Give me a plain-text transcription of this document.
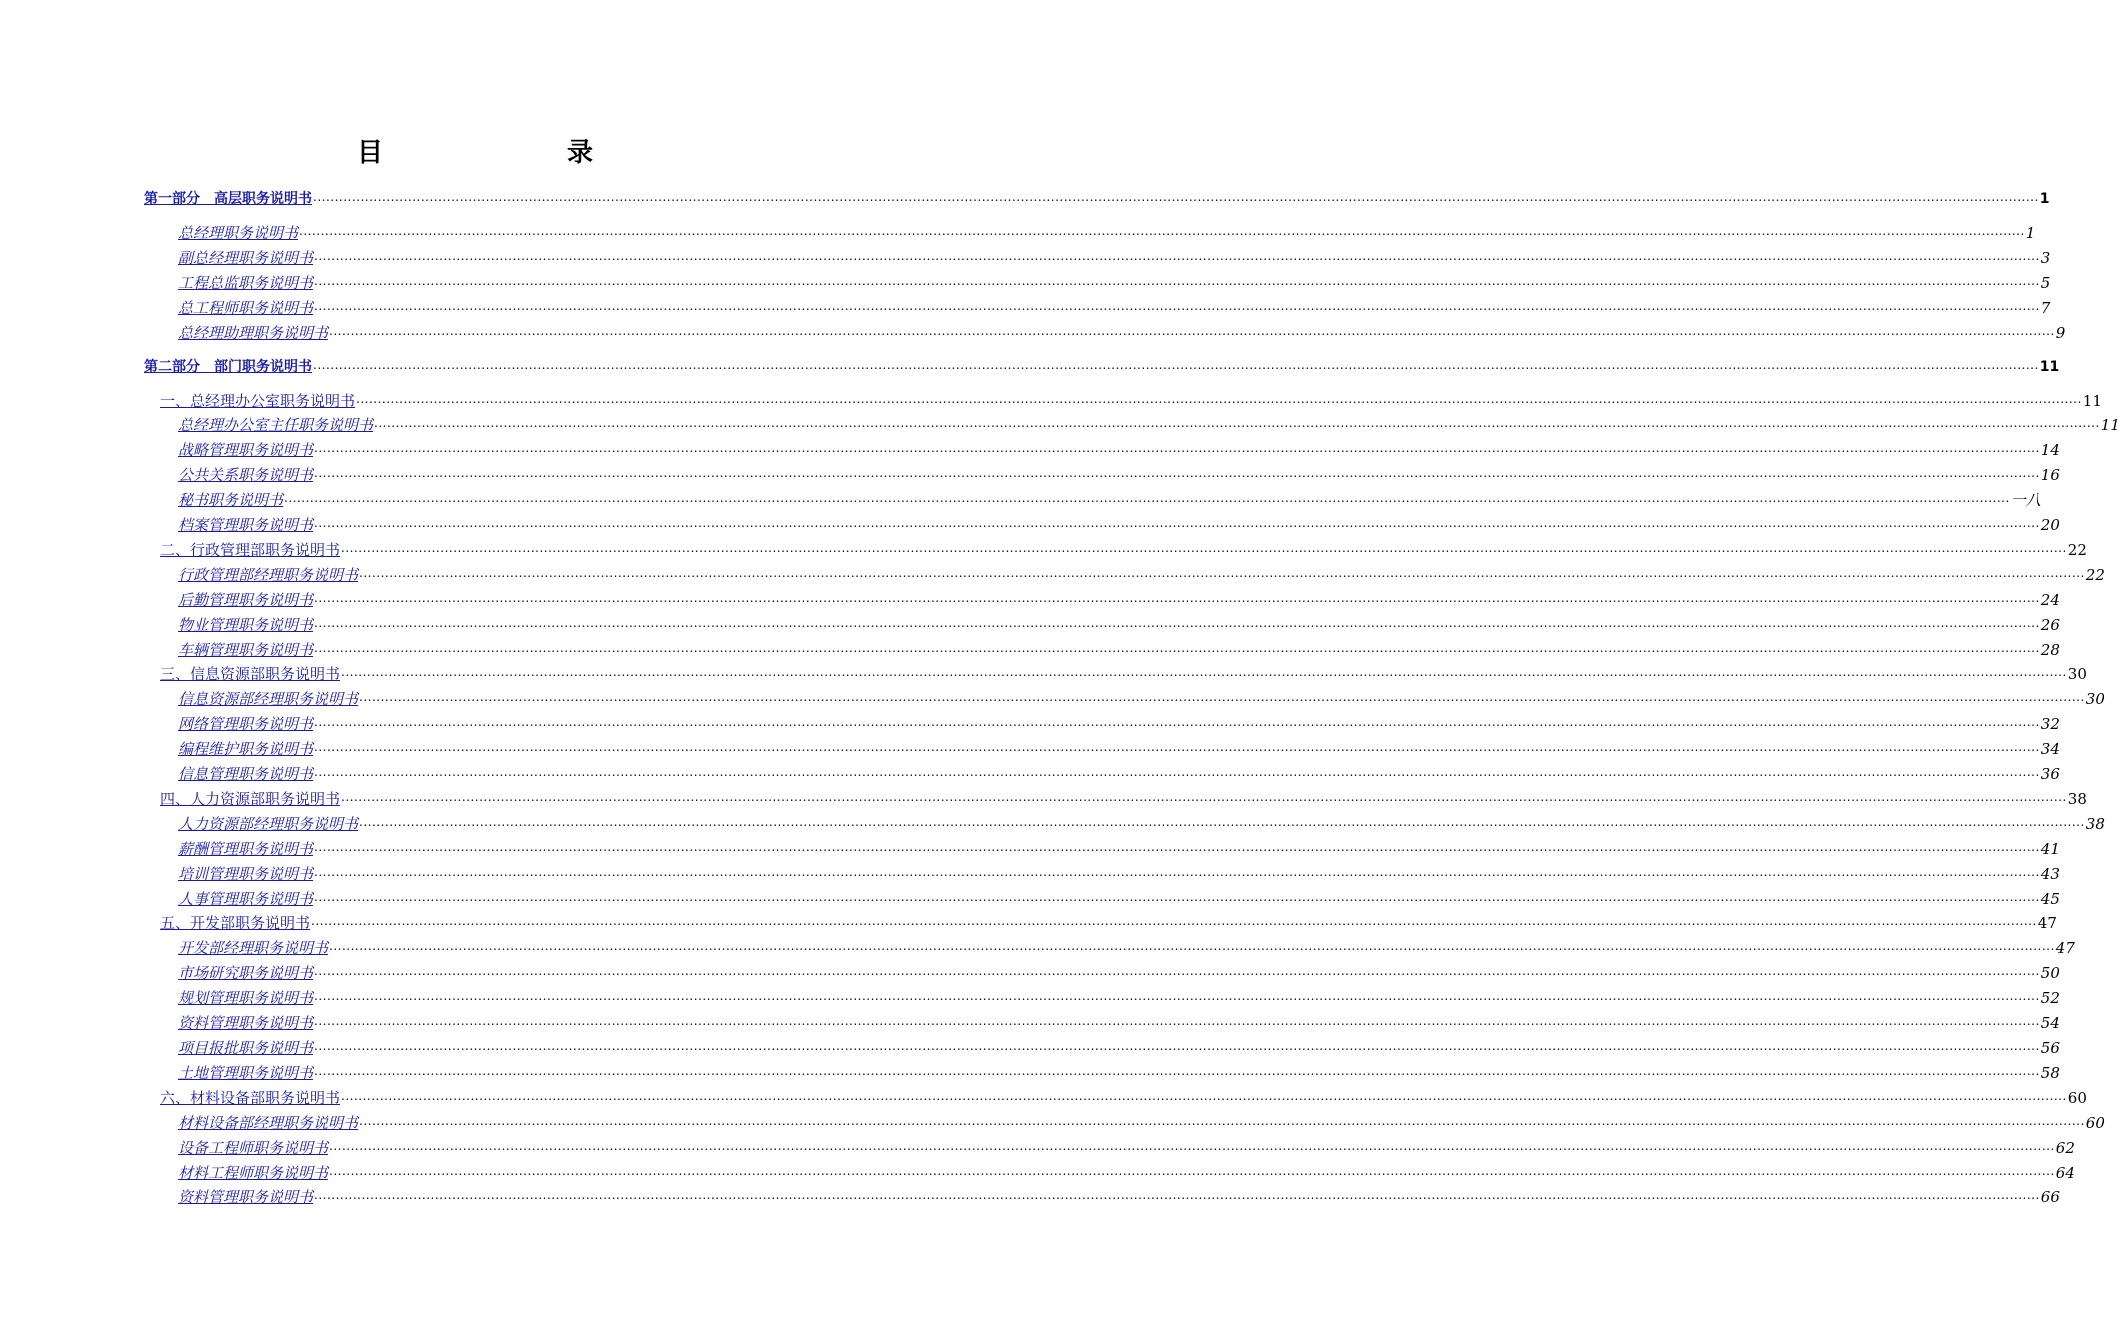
目　　录
第一部分　高层职务说明书 ................................................................................................................................................................................................................................................................................................................................................................................................................ 1
总经理职务说明书 ................................................................................................................................................................................................................................................................................................................................................................................................................ 1
副总经理职务说明书 ................................................................................................................................................................................................................................................................................................................................................................................................................ 3
工程总监职务说明书 ................................................................................................................................................................................................................................................................................................................................................................................................................ 5
总工程师职务说明书 ................................................................................................................................................................................................................................................................................................................................................................................................................ 7
总经理助理职务说明书 ................................................................................................................................................................................................................................................................................................................................................................................................................ 9
第二部分　部门职务说明书 ................................................................................................................................................................................................................................................................................................................................................................................................................ 11
一、总经理办公室职务说明书 ................................................................................................................................................................................................................................................................................................................................................................................................................ 11
总经理办公室主任职务说明书 ................................................................................................................................................................................................................................................................................................................................................................................................................ 11
战略管理职务说明书 ................................................................................................................................................................................................................................................................................................................................................................................................................ 14
公共关系职务说明书 ................................................................................................................................................................................................................................................................................................................................................................................................................ 16
秘书职务说明书 ................................................................................................................................................................................................................................................................................................................................................................................................................ 一八
档案管理职务说明书 ................................................................................................................................................................................................................................................................................................................................................................................................................ 20
二、行政管理部职务说明书 ................................................................................................................................................................................................................................................................................................................................................................................................................ 22
行政管理部经理职务说明书 ................................................................................................................................................................................................................................................................................................................................................................................................................ 22
后勤管理职务说明书 ................................................................................................................................................................................................................................................................................................................................................................................................................ 24
物业管理职务说明书 ................................................................................................................................................................................................................................................................................................................................................................................................................ 26
车辆管理职务说明书 ................................................................................................................................................................................................................................................................................................................................................................................................................ 28
三、信息资源部职务说明书 ................................................................................................................................................................................................................................................................................................................................................................................................................ 30
信息资源部经理职务说明书 ................................................................................................................................................................................................................................................................................................................................................................................................................ 30
网络管理职务说明书 ................................................................................................................................................................................................................................................................................................................................................................................................................ 32
编程维护职务说明书 ................................................................................................................................................................................................................................................................................................................................................................................................................ 34
信息管理职务说明书 ................................................................................................................................................................................................................................................................................................................................................................................................................ 36
四、人力资源部职务说明书 ................................................................................................................................................................................................................................................................................................................................................................................................................ 38
人力资源部经理职务说明书 ................................................................................................................................................................................................................................................................................................................................................................................................................ 38
薪酬管理职务说明书 ................................................................................................................................................................................................................................................................................................................................................................................................................ 41
培训管理职务说明书 ................................................................................................................................................................................................................................................................................................................................................................................................................ 43
人事管理职务说明书 ................................................................................................................................................................................................................................................................................................................................................................................................................ 45
五、开发部职务说明书 ................................................................................................................................................................................................................................................................................................................................................................................................................ 47
开发部经理职务说明书 ................................................................................................................................................................................................................................................................................................................................................................................................................ 47
市场研究职务说明书 ................................................................................................................................................................................................................................................................................................................................................................................................................ 50
规划管理职务说明书 ................................................................................................................................................................................................................................................................................................................................................................................................................ 52
资料管理职务说明书 ................................................................................................................................................................................................................................................................................................................................................................................................................ 54
项目报批职务说明书 ................................................................................................................................................................................................................................................................................................................................................................................................................ 56
土地管理职务说明书 ................................................................................................................................................................................................................................................................................................................................................................................................................ 58
六、材料设备部职务说明书 ................................................................................................................................................................................................................................................................................................................................................................................................................ 60
材料设备部经理职务说明书 ................................................................................................................................................................................................................................................................................................................................................................................................................ 60
设备工程师职务说明书 ................................................................................................................................................................................................................................................................................................................................................................................................................ 62
材料工程师职务说明书 ................................................................................................................................................................................................................................................................................................................................................................................................................ 64
资料管理职务说明书 ................................................................................................................................................................................................................................................................................................................................................................................................................ 66
